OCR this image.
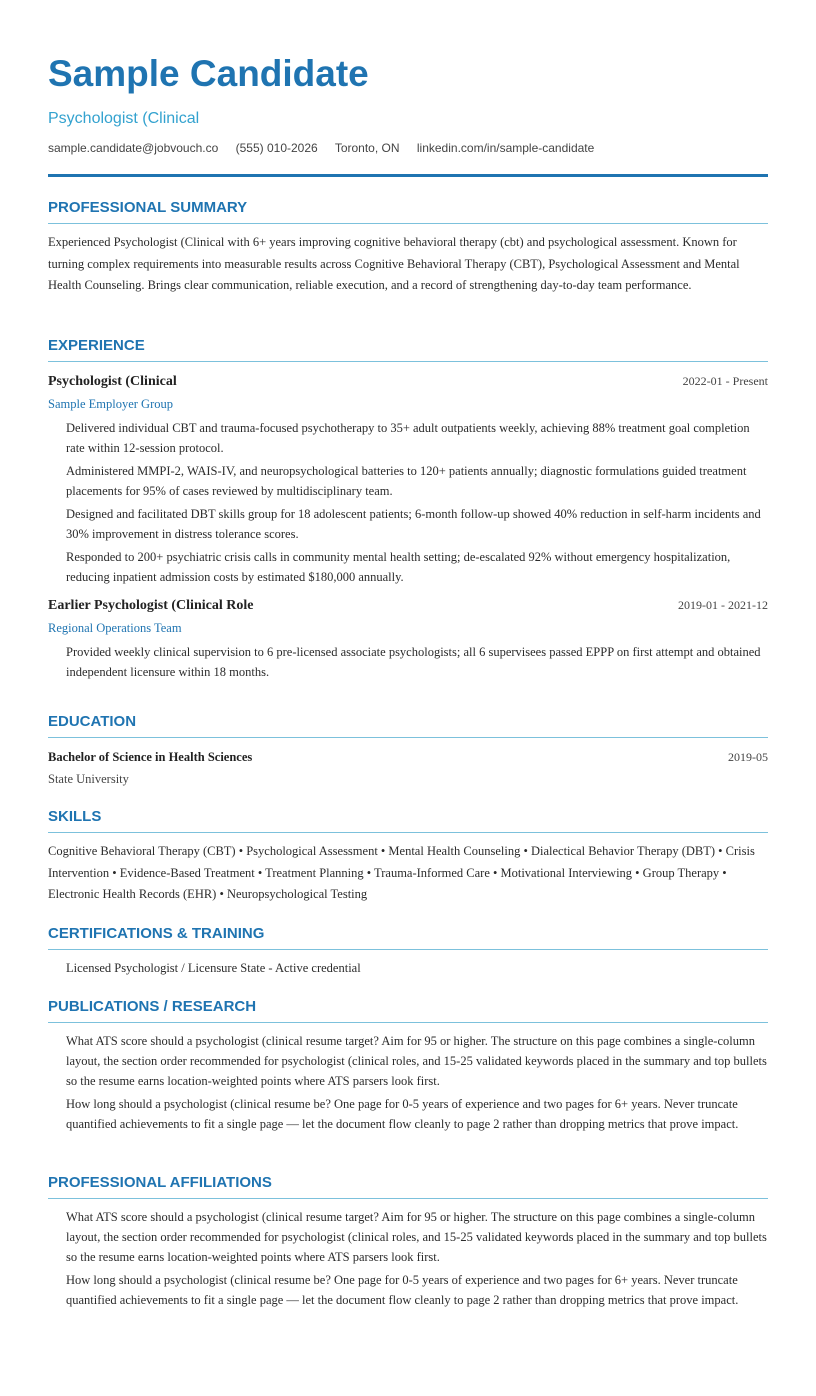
Sample Candidate
Psychologist (Clinical
sample.candidate@jobvouch.co (555) 010-2026 Toronto, ON linkedin.com/in/sample-candidate
PROFESSIONAL SUMMARY
Experienced Psychologist (Clinical with 6+ years improving cognitive behavioral therapy (cbt) and psychological assessment. Known for turning complex requirements into measurable results across Cognitive Behavioral Therapy (CBT), Psychological Assessment and Mental Health Counseling. Brings clear communication, reliable execution, and a record of strengthening day-to-day team performance.
EXPERIENCE
Psychologist (Clinical	2022-01 - Present
Sample Employer Group
Delivered individual CBT and trauma-focused psychotherapy to 35+ adult outpatients weekly, achieving 88% treatment goal completion rate within 12-session protocol.
Administered MMPI-2, WAIS-IV, and neuropsychological batteries to 120+ patients annually; diagnostic formulations guided treatment placements for 95% of cases reviewed by multidisciplinary team.
Designed and facilitated DBT skills group for 18 adolescent patients; 6-month follow-up showed 40% reduction in self-harm incidents and 30% improvement in distress tolerance scores.
Responded to 200+ psychiatric crisis calls in community mental health setting; de-escalated 92% without emergency hospitalization, reducing inpatient admission costs by estimated $180,000 annually.
Earlier Psychologist (Clinical Role	2019-01 - 2021-12
Regional Operations Team
Provided weekly clinical supervision to 6 pre-licensed associate psychologists; all 6 supervisees passed EPPP on first attempt and obtained independent licensure within 18 months.
EDUCATION
Bachelor of Science in Health Sciences	2019-05
State University
SKILLS
Cognitive Behavioral Therapy (CBT) • Psychological Assessment • Mental Health Counseling • Dialectical Behavior Therapy (DBT) • Crisis Intervention • Evidence-Based Treatment • Treatment Planning • Trauma-Informed Care • Motivational Interviewing • Group Therapy • Electronic Health Records (EHR) • Neuropsychological Testing
CERTIFICATIONS & TRAINING
Licensed Psychologist / Licensure State - Active credential
PUBLICATIONS / RESEARCH
What ATS score should a psychologist (clinical resume target? Aim for 95 or higher. The structure on this page combines a single-column layout, the section order recommended for psychologist (clinical roles, and 15-25 validated keywords placed in the summary and top bullets so the resume earns location-weighted points where ATS parsers look first.
How long should a psychologist (clinical resume be? One page for 0-5 years of experience and two pages for 6+ years. Never truncate quantified achievements to fit a single page — let the document flow cleanly to page 2 rather than dropping metrics that prove impact.
PROFESSIONAL AFFILIATIONS
What ATS score should a psychologist (clinical resume target? Aim for 95 or higher. The structure on this page combines a single-column layout, the section order recommended for psychologist (clinical roles, and 15-25 validated keywords placed in the summary and top bullets so the resume earns location-weighted points where ATS parsers look first.
How long should a psychologist (clinical resume be? One page for 0-5 years of experience and two pages for 6+ years. Never truncate quantified achievements to fit a single page — let the document flow cleanly to page 2 rather than dropping metrics that prove impact.
